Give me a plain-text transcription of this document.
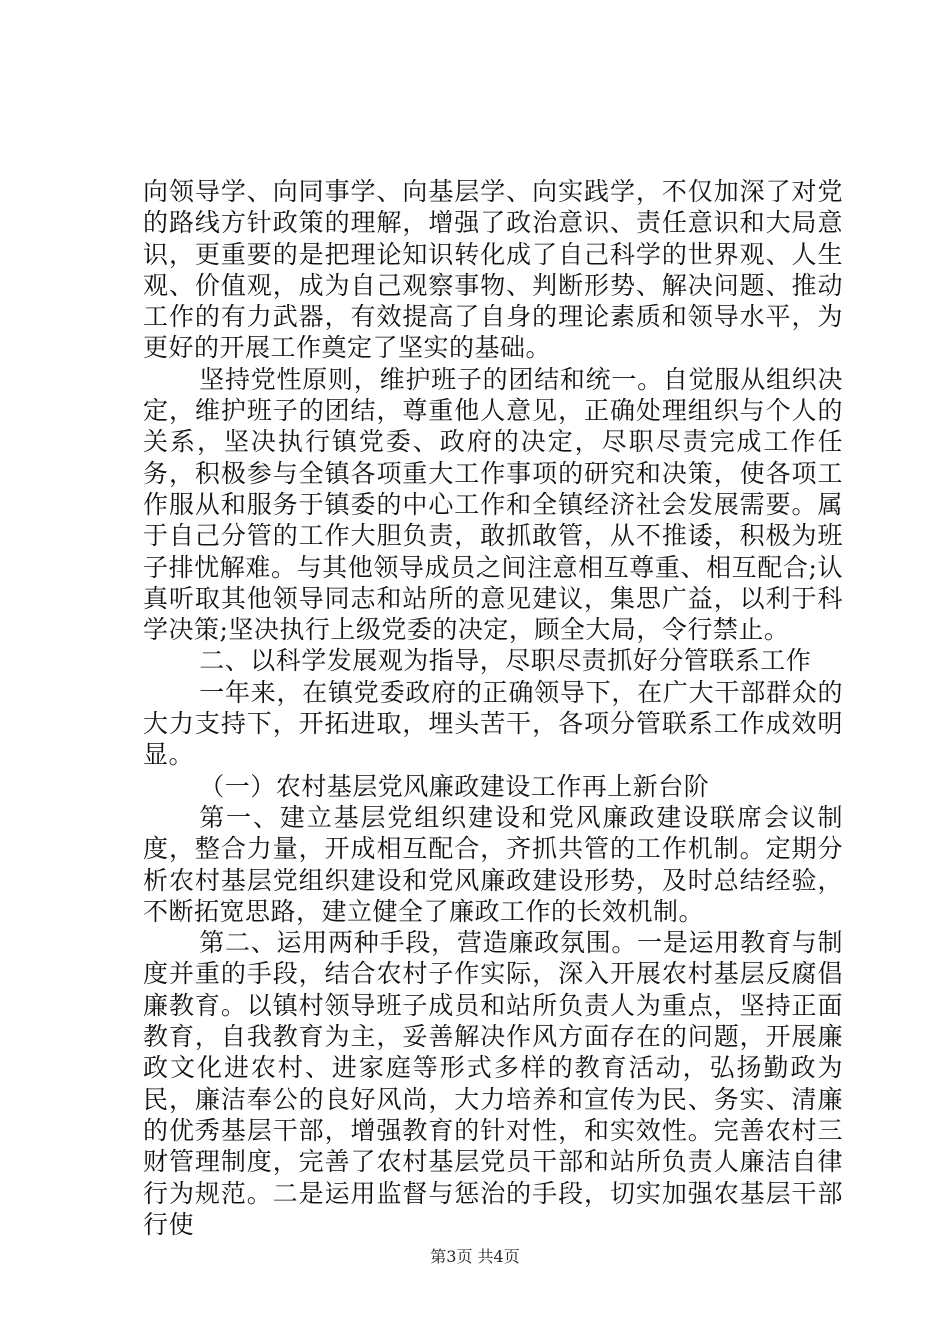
向领导学、向同事学、向基层学、向实践学，不仅加深了对党的路线方针政策的理解，增强了政治意识、责任意识和大局意识，更重要的是把理论知识转化成了自己科学的世界观、人生观、价值观，成为自己观察事物、判断形势、解决问题、推动工作的有力武器，有效提高了自身的理论素质和领导水平，为更好的开展工作奠定了坚实的基础。

坚持党性原则，维护班子的团结和统一。自觉服从组织决定，维护班子的团结，尊重他人意见，正确处理组织与个人的关系，坚决执行镇党委、政府的决定，尽职尽责完成工作任务，积极参与全镇各项重大工作事项的研究和决策，使各项工作服从和服务于镇委的中心工作和全镇经济社会发展需要。属于自己分管的工作大胆负责，敢抓敢管，从不推诿，积极为班子排忧解难。与其他领导成员之间注意相互尊重、相互配合;认真听取其他领导同志和站所的意见建议，集思广益，以利于科学决策;坚决执行上级党委的决定，顾全大局，令行禁止。

二、以科学发展观为指导，尽职尽责抓好分管联系工作

一年来，在镇党委政府的正确领导下，在广大干部群众的大力支持下，开拓进取，埋头苦干，各项分管联系工作成效明显。

（一）农村基层党风廉政建设工作再上新台阶

第一、建立基层党组织建设和党风廉政建设联席会议制度，整合力量，开成相互配合，齐抓共管的工作机制。定期分析农村基层党组织建设和党风廉政建设形势，及时总结经验，不断拓宽思路，建立健全了廉政工作的长效机制。

第二、运用两种手段，营造廉政氛围。一是运用教育与制度并重的手段，结合农村子作实际，深入开展农村基层反腐倡廉教育。以镇村领导班子成员和站所负责人为重点，坚持正面教育，自我教育为主，妥善解决作风方面存在的问题，开展廉政文化进农村、进家庭等形式多样的教育活动，弘扬勤政为民，廉洁奉公的良好风尚，大力培养和宣传为民、务实、清廉的优秀基层干部，增强教育的针对性，和实效性。完善农村三财管理制度，完善了农村基层党员干部和站所负责人廉洁自律行为规范。二是运用监督与惩治的手段，切实加强农基层干部行使

第3页 共4页
